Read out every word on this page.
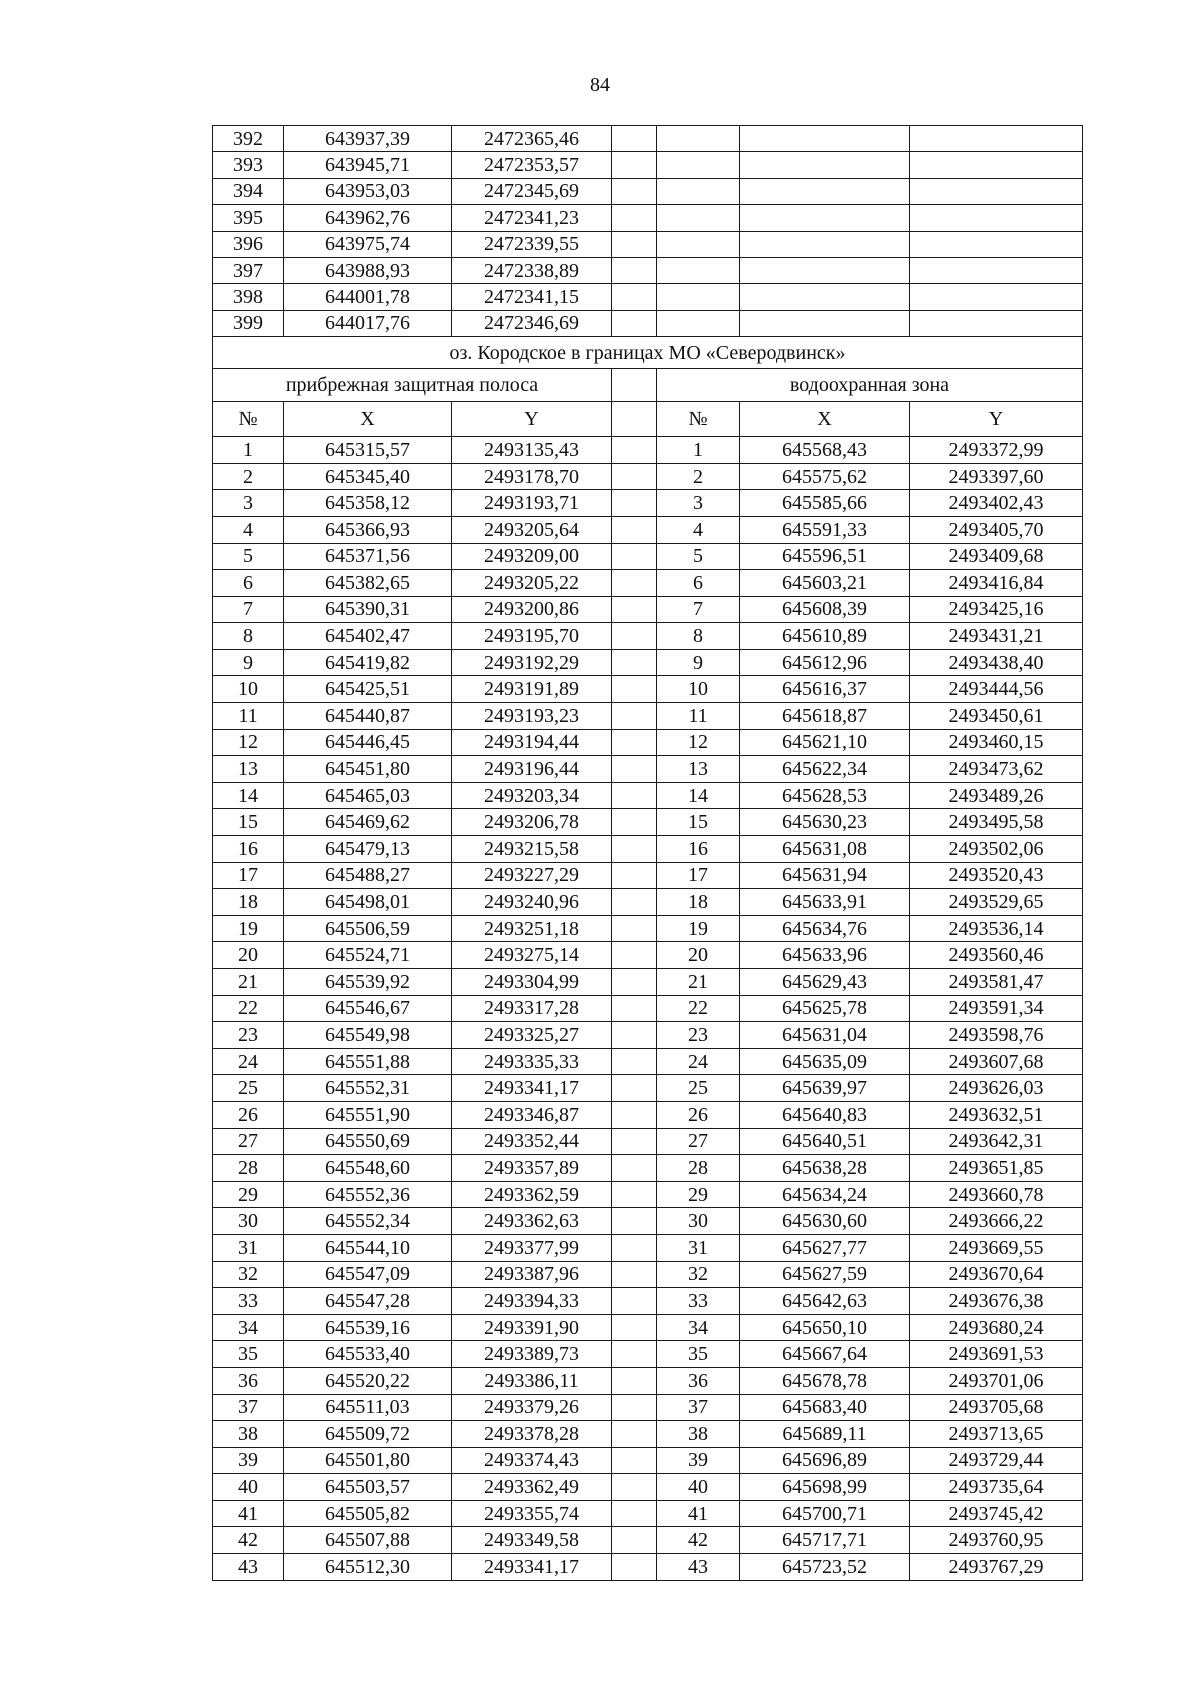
84
392	643937,39	2472365,46				
393	643945,71	2472353,57				
394	643953,03	2472345,69				
395	643962,76	2472341,23				
396	643975,74	2472339,55				
397	643988,93	2472338,89				
398	644001,78	2472341,15				
399	644017,76	2472346,69				
оз. Кородское в границах МО «Северодвинск»						
прибрежная защитная полоса				водоохранная зона		
№	X	Y		№	X	Y
1	645315,57	2493135,43		1	645568,43	2493372,99
2	645345,40	2493178,70		2	645575,62	2493397,60
3	645358,12	2493193,71		3	645585,66	2493402,43
4	645366,93	2493205,64		4	645591,33	2493405,70
5	645371,56	2493209,00		5	645596,51	2493409,68
6	645382,65	2493205,22		6	645603,21	2493416,84
7	645390,31	2493200,86		7	645608,39	2493425,16
8	645402,47	2493195,70		8	645610,89	2493431,21
9	645419,82	2493192,29		9	645612,96	2493438,40
10	645425,51	2493191,89		10	645616,37	2493444,56
11	645440,87	2493193,23		11	645618,87	2493450,61
12	645446,45	2493194,44		12	645621,10	2493460,15
13	645451,80	2493196,44		13	645622,34	2493473,62
14	645465,03	2493203,34		14	645628,53	2493489,26
15	645469,62	2493206,78		15	645630,23	2493495,58
16	645479,13	2493215,58		16	645631,08	2493502,06
17	645488,27	2493227,29		17	645631,94	2493520,43
18	645498,01	2493240,96		18	645633,91	2493529,65
19	645506,59	2493251,18		19	645634,76	2493536,14
20	645524,71	2493275,14		20	645633,96	2493560,46
21	645539,92	2493304,99		21	645629,43	2493581,47
22	645546,67	2493317,28		22	645625,78	2493591,34
23	645549,98	2493325,27		23	645631,04	2493598,76
24	645551,88	2493335,33		24	645635,09	2493607,68
25	645552,31	2493341,17		25	645639,97	2493626,03
26	645551,90	2493346,87		26	645640,83	2493632,51
27	645550,69	2493352,44		27	645640,51	2493642,31
28	645548,60	2493357,89		28	645638,28	2493651,85
29	645552,36	2493362,59		29	645634,24	2493660,78
30	645552,34	2493362,63		30	645630,60	2493666,22
31	645544,10	2493377,99		31	645627,77	2493669,55
32	645547,09	2493387,96		32	645627,59	2493670,64
33	645547,28	2493394,33		33	645642,63	2493676,38
34	645539,16	2493391,90		34	645650,10	2493680,24
35	645533,40	2493389,73		35	645667,64	2493691,53
36	645520,22	2493386,11		36	645678,78	2493701,06
37	645511,03	2493379,26		37	645683,40	2493705,68
38	645509,72	2493378,28		38	645689,11	2493713,65
39	645501,80	2493374,43		39	645696,89	2493729,44
40	645503,57	2493362,49		40	645698,99	2493735,64
41	645505,82	2493355,74		41	645700,71	2493745,42
42	645507,88	2493349,58		42	645717,71	2493760,95
43	645512,30	2493341,17		43	645723,52	2493767,29
